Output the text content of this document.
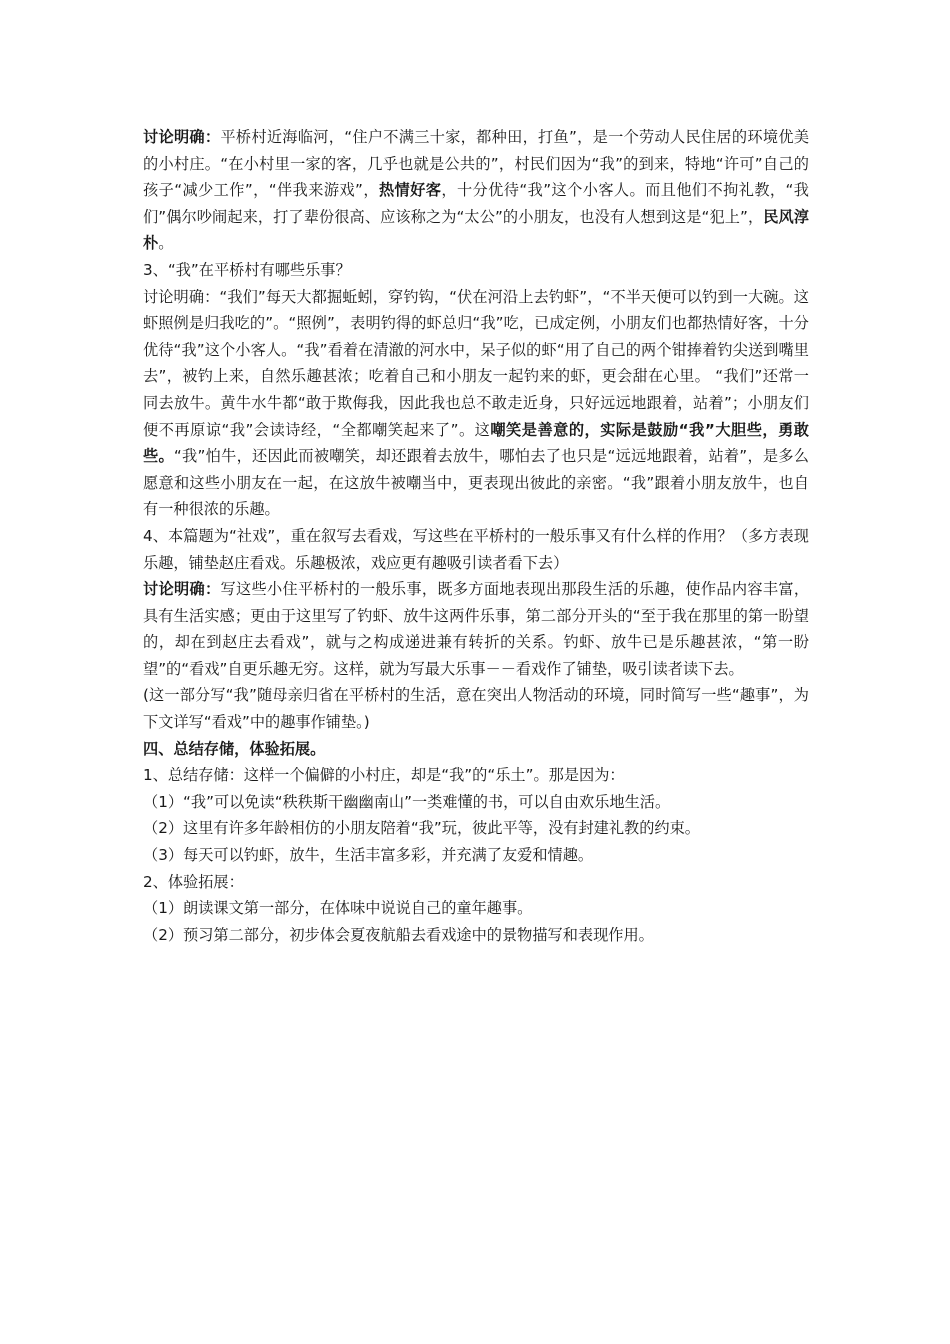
讨论明确：平桥村近海临河，“住户不满三十家，都种田，打鱼”，是一个劳动人民住居的环境优美的小村庄。“在小村里一家的客，几乎也就是公共的”，村民们因为“我”的到来，特地“许可”自己的孩子“减少工作”，“伴我来游戏”，热情好客，十分优待“我”这个小客人。而且他们不拘礼教，“我们”偶尔吵闹起来，打了辈份很高、应该称之为“太公”的小朋友，也没有人想到这是“犯上”，民风淳朴。

3、“我”在平桥村有哪些乐事？

讨论明确：“我们”每天大都掘蚯蚓，穿钓钩，“伏在河沿上去钓虾”，“不半天便可以钓到一大碗。这虾照例是归我吃的”。“照例”，表明钓得的虾总归“我”吃，已成定例，小朋友们也都热情好客，十分优待“我”这个小客人。“我”看着在清澈的河水中，呆子似的虾“用了自己的两个钳捧着钓尖送到嘴里去”，被钓上来，自然乐趣甚浓；吃着自己和小朋友一起钓来的虾，更会甜在心里。 “我们”还常一同去放牛。黄牛水牛都“敢于欺侮我，因此我也总不敢走近身，只好远远地跟着，站着”；小朋友们便不再原谅“我”会读诗经，“全都嘲笑起来了”。这嘲笑是善意的，实际是鼓励“我”大胆些，勇敢些。“我”怕牛，还因此而被嘲笑，却还跟着去放牛，哪怕去了也只是“远远地跟着，站着”，是多么愿意和这些小朋友在一起，在这放牛被嘲当中，更表现出彼此的亲密。“我”跟着小朋友放牛，也自有一种很浓的乐趣。

4、本篇题为“社戏”，重在叙写去看戏，写这些在平桥村的一般乐事又有什么样的作用？（多方表现乐趣，铺垫赵庄看戏。乐趣极浓，戏应更有趣吸引读者看下去）

讨论明确：写这些小住平桥村的一般乐事，既多方面地表现出那段生活的乐趣，使作品内容丰富，具有生活实感；更由于这里写了钓虾、放牛这两件乐事，第二部分开头的“至于我在那里的第一盼望的，却在到赵庄去看戏”，就与之构成递进兼有转折的关系。钓虾、放牛已是乐趣甚浓，“第一盼望”的“看戏”自更乐趣无穷。这样，就为写最大乐事－－看戏作了铺垫，吸引读者读下去。

(这一部分写“我”随母亲归省在平桥村的生活，意在突出人物活动的环境，同时简写一些“趣事”，为下文详写“看戏”中的趣事作铺垫。)

四、总结存储，体验拓展。

1、总结存储：这样一个偏僻的小村庄，却是“我”的“乐土”。那是因为：

（1）“我”可以免读“秩秩斯干幽幽南山”一类难懂的书，可以自由欢乐地生活。

（2）这里有许多年龄相仿的小朋友陪着“我”玩，彼此平等，没有封建礼教的约束。

（3）每天可以钓虾，放牛，生活丰富多彩，并充满了友爱和情趣。

2、体验拓展：

（1）朗读课文第一部分，在体味中说说自己的童年趣事。

（2）预习第二部分，初步体会夏夜航船去看戏途中的景物描写和表现作用。
